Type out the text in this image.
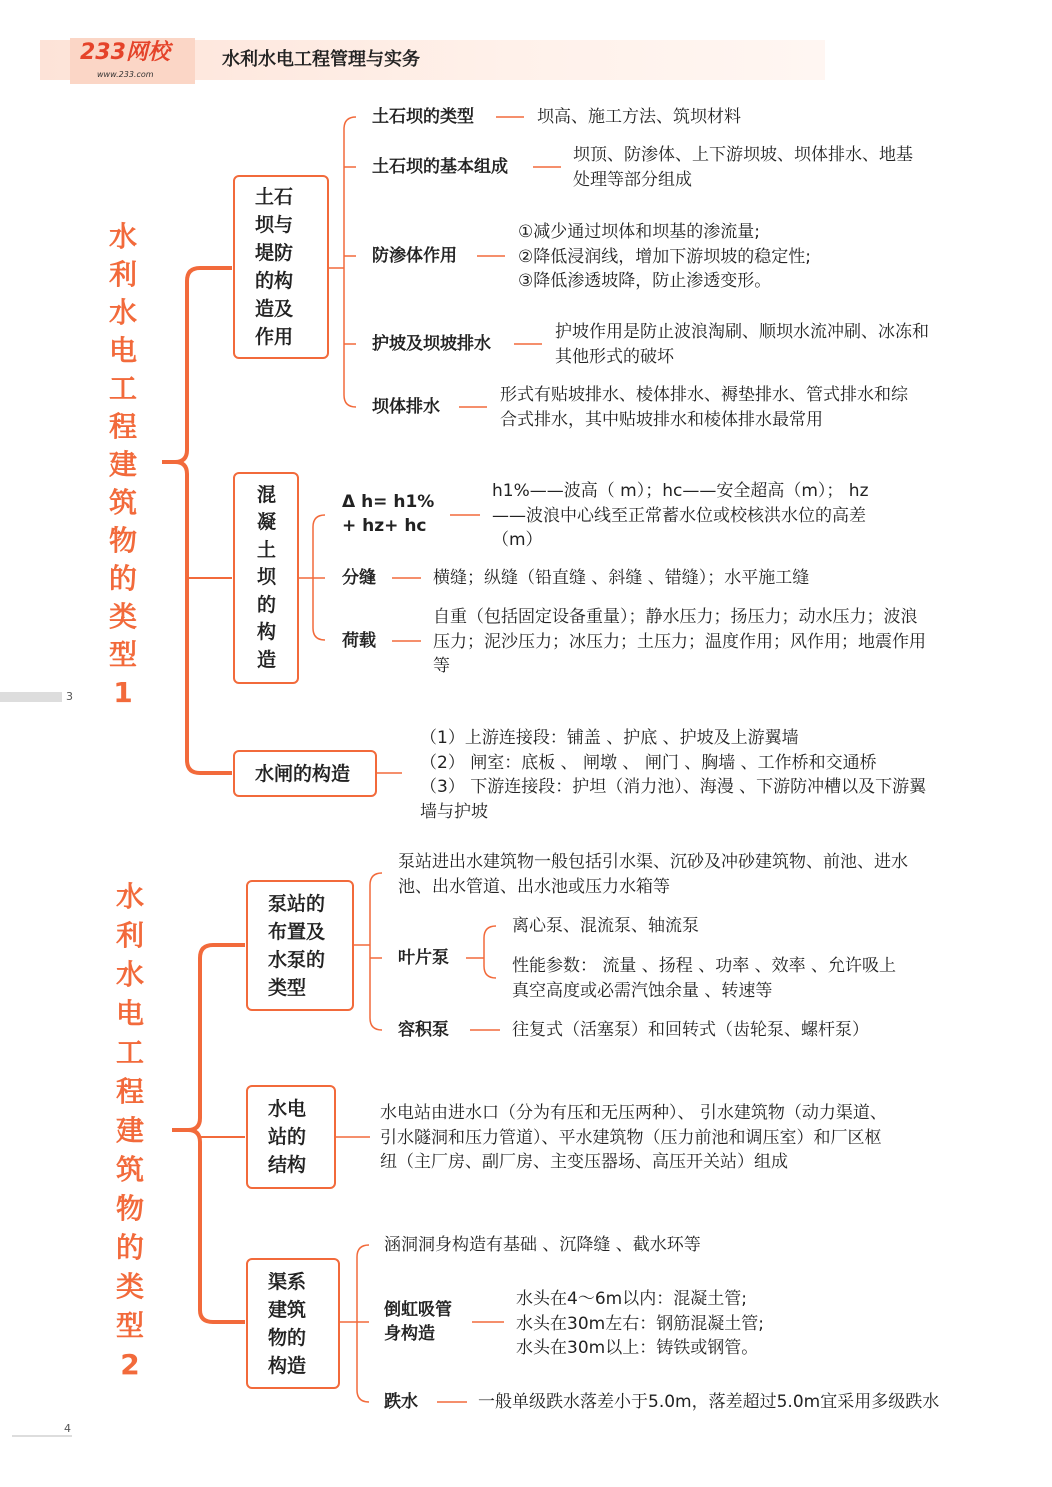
233网校
www.233.com
水利水电工程管理与实务
水
利
水
电
工
程
建
筑
物
的
类
型
1
3
土石
坝与
堤防
的构
造及
作用
土石坝的类型	坝高、施工方法、筑坝材料
土石坝的基本组成
坝顶、防渗体、上下游坝坡、坝体排水、地基
处理等部分组成
防渗体作用
①减少通过坝体和坝基的渗流量;
②降低浸润线，增加下游坝坡的稳定性;
③降低渗透坡降，防止渗透变形。
护坡及坝坡排水
护坡作用是防止波浪淘刷、顺坝水流冲刷、冰冻和
其他形式的破坏
坝体排水
形式有贴坡排水、棱体排水、褥垫排水、管式排水和综
合式排水，其中贴坡排水和棱体排水最常用
混
凝
土
坝
的
构
造
Δ h= h1%
+ hz+ hc
h1%——波高（ m）；hc——安全超高（m）； hz
——波浪中心线至正常蓄水位或校核洪水位的高差
（m）
分缝	横缝；纵缝（铅直缝 、斜缝 、错缝）；水平施工缝
荷载
自重（包括固定设备重量）；静水压力；扬压力；动水压力；波浪
压力；泥沙压力；冰压力；土压力；温度作用；风作用；地震作用
等
水闸的构造
（1）上游连接段：铺盖 、护底 、护坡及上游翼墙
（2） 闸室：底板 、 闸墩 、 闸门 、胸墙 、工作桥和交通桥
（3） 下游连接段：护坦（消力池）、海漫 、下游防冲槽以及下游翼
墙与护坡
水
利
水
电
工
程
建
筑
物
的
类
型
2
4
泵站的
布置及
水泵的
类型
泵站进出水建筑物一般包括引水渠、沉砂及冲砂建筑物、前池、进水
池、出水管道、出水池或压力水箱等
叶片泵
离心泵、混流泵、轴流泵
性能参数： 流量 、扬程 、功率 、效率 、允许吸上
真空高度或必需汽蚀余量 、转速等
容积泵	往复式（活塞泵）和回转式（齿轮泵、螺杆泵）
水电
站的
结构
水电站由进水口（分为有压和无压两种）、 引水建筑物（动力渠道、
引水隧洞和压力管道）、平水建筑物（压力前池和调压室）和厂区枢
纽（主厂房、副厂房、主变压器场、高压开关站）组成
渠系
建筑
物的
构造
涵洞洞身构造有基础 、沉降缝 、截水环等
倒虹吸管
身构造
水头在4～6m以内：混凝土管;
水头在30m左右：钢筋混凝土管;
水头在30m以上：铸铁或钢管。
跌水	一般单级跌水落差小于5.0m，落差超过5.0m宜采用多级跌水
